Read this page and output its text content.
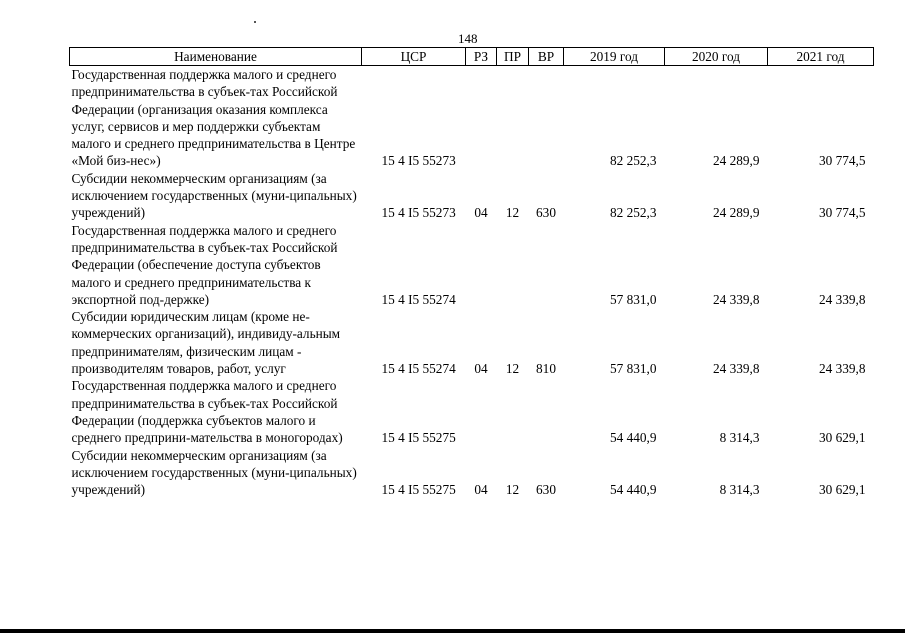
148
Наименование	ЦСР	РЗ	ПР	ВР	2019 год	2020 год	2021 год
Государственная поддержка малого и среднего предпринимательства в субъек-тах Российской Федерации (организация оказания комплекса услуг, сервисов и мер поддержки субъектам малого и среднего предпринимательства в Центре «Мой биз-нес»)	15 4 I5 55273				82 252,3	24 289,9	30 774,5
Субсидии некоммерческим организациям (за исключением государственных (муни-ципальных) учреждений)	15 4 I5 55273	04	12	630	82 252,3	24 289,9	30 774,5
Государственная поддержка малого и среднего предпринимательства в субъек-тах Российской Федерации (обеспечение доступа субъектов малого и среднего предпринимательства к экспортной под-держке)	15 4 I5 55274				57 831,0	24 339,8	24 339,8
Субсидии юридическим лицам (кроме не-коммерческих организаций), индивиду-альным предпринимателям, физическим лицам - производителям товаров, работ, услуг	15 4 I5 55274	04	12	810	57 831,0	24 339,8	24 339,8
Государственная поддержка малого и среднего предпринимательства в субъек-тах Российской Федерации (поддержка субъектов малого и среднего предприни-мательства в моногородах)	15 4 I5 55275				54 440,9	8 314,3	30 629,1
Субсидии некоммерческим организациям (за исключением государственных (муни-ципальных) учреждений)	15 4 I5 55275	04	12	630	54 440,9	8 314,3	30 629,1
